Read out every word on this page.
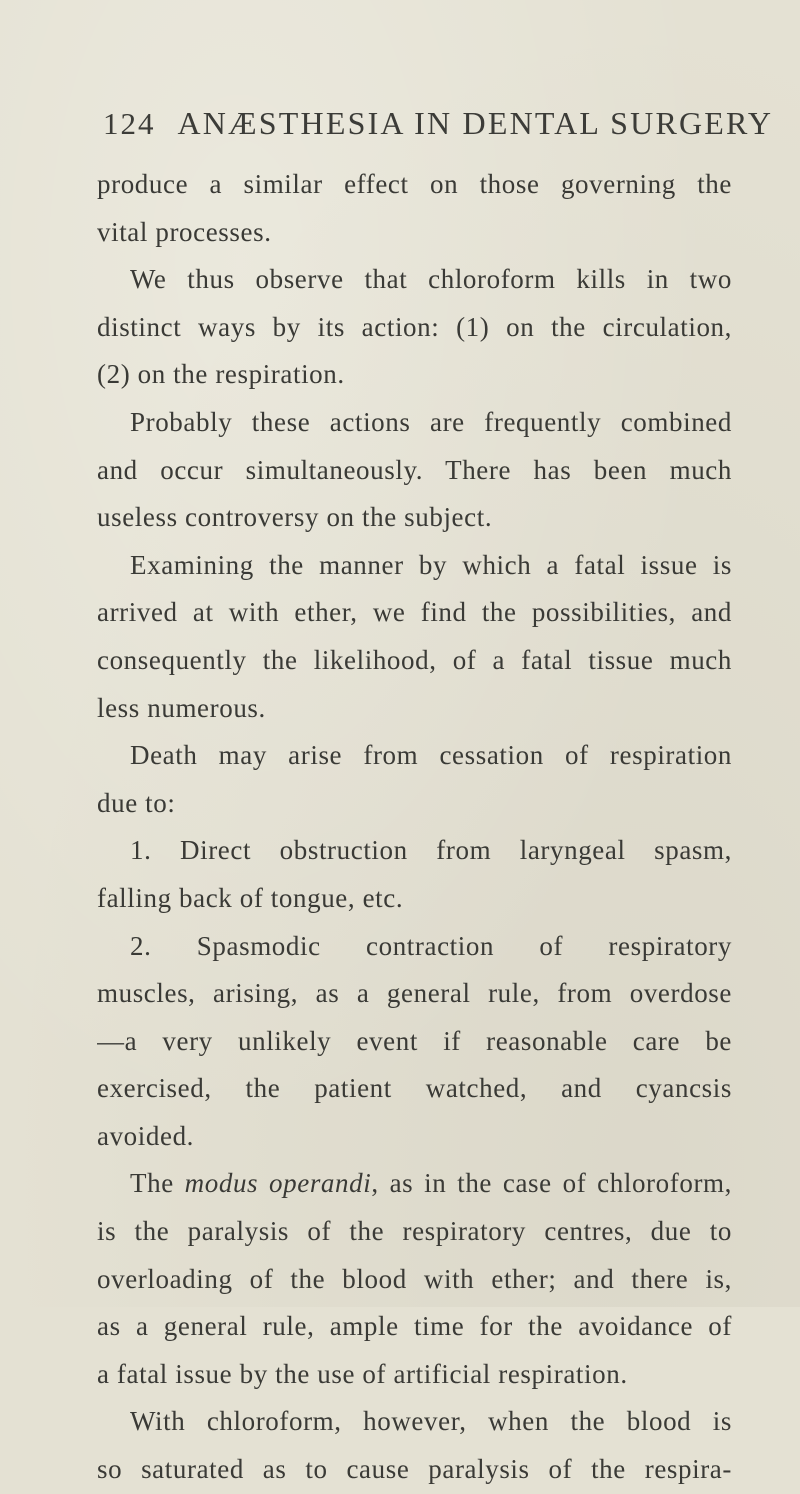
124 ANÆSTHESIA IN DENTAL SURGERY
produce a similar effect on those governing the
vital processes.
We thus observe that chloroform kills in two
distinct ways by its action: (1) on the circulation,
(2) on the respiration.
Probably these actions are frequently combined
and occur simultaneously. There has been much
useless controversy on the subject.
Examining the manner by which a fatal issue is
arrived at with ether, we find the possibilities, and
consequently the likelihood, of a fatal tissue much
less numerous.
Death may arise from cessation of respiration
due to:
1. Direct obstruction from laryngeal spasm,
falling back of tongue, etc.
2. Spasmodic contraction of respiratory
muscles, arising, as a general rule, from overdose
—a very unlikely event if reasonable care be
exercised, the patient watched, and cyancsis
avoided.
The modus operandi, as in the case of chloroform,
is the paralysis of the respiratory centres, due to
overloading of the blood with ether; and there is,
as a general rule, ample time for the avoidance of
a fatal issue by the use of artificial respiration.
With chloroform, however, when the blood is
so saturated as to cause paralysis of the respira-
